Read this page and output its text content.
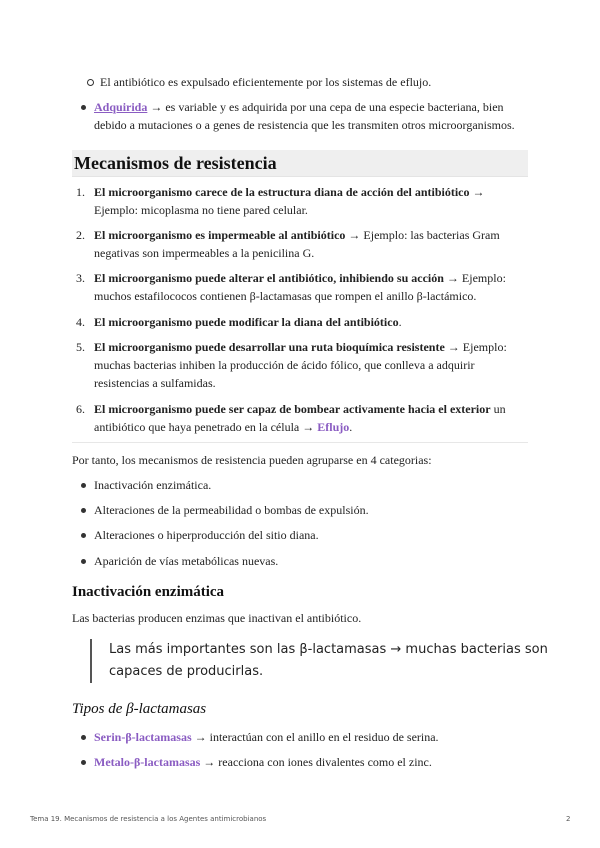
El antibiótico es expulsado eficientemente por los sistemas de eflujo.
Adquirida → es variable y es adquirida por una cepa de una especie bacteriana, bien debido a mutaciones o a genes de resistencia que les transmiten otros microorganismos.
Mecanismos de resistencia
1. El microorganismo carece de la estructura diana de acción del antibiótico → Ejemplo: micoplasma no tiene pared celular.
2. El microorganismo es impermeable al antibiótico → Ejemplo: las bacterias Gram negativas son impermeables a la penicilina G.
3. El microorganismo puede alterar el antibiótico, inhibiendo su acción → Ejemplo: muchos estafilococos contienen β-lactamasas que rompen el anillo β-lactámico.
4. El microorganismo puede modificar la diana del antibiótico.
5. El microorganismo puede desarrollar una ruta bioquímica resistente → Ejemplo: muchas bacterias inhiben la producción de ácido fólico, que conlleva a adquirir resistencias a sulfamidas.
6. El microorganismo puede ser capaz de bombear activamente hacia el exterior un antibiótico que haya penetrado en la célula → Eflujo.
Por tanto, los mecanismos de resistencia pueden agruparse en 4 categorias:
Inactivación enzimática.
Alteraciones de la permeabilidad o bombas de expulsión.
Alteraciones o hiperproducción del sitio diana.
Aparición de vías metabólicas nuevas.
Inactivación enzimática
Las bacterias producen enzimas que inactivan el antibiótico.
Las más importantes son las β-lactamasas → muchas bacterias son capaces de producirlas.
Tipos de β-lactamasas
Serin-β-lactamasas → interactúan con el anillo en el residuo de serina.
Metalo-β-lactamasas → reacciona con iones divalentes como el zinc.
Tema 19. Mecanismos de resistencia a los Agentes antimicrobianos	2
